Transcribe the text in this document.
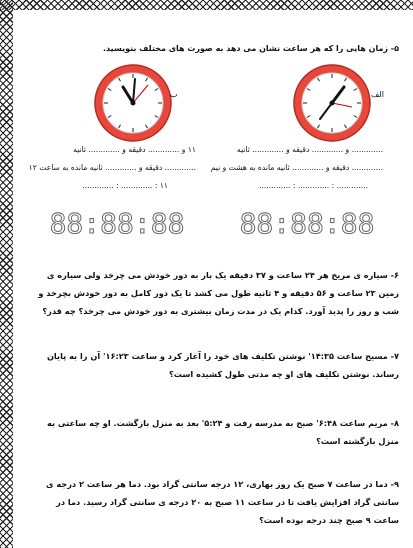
۵- زمان هایی را که هر ساعت نشان می دهد به صورت های مختلف بنویسید.
ب	الف
۱۱ و ............. دقیقه و ............. ثانیه	............. و ............. دقیقه و ............. ثانیه
............. دقیقه و ............. ثانیه مانده به ساعت ۱۲ ............. دقیقه و ............. ثانیه مانده به هشت و نیم
۱۱ : ............. : .............	............. : ............. : .............
88:88:88 88:88:88
۶- سیاره ی مریخ هر ۲۴ ساعت و ۳۷ دقیقه یک بار به دور خودش می چرخد ولی سیاره ی زمین ۲۳ ساعت و ۵۶ دقیقه و ۴ ثانیه طول می کشد تا یک دور کامل به دور خودش بچرخد و شب و روز را پدید آورد. کدام یک در مدت زمان بیشتری به دور خودش می چرخد؟ چه قدر؟
۷- مسیح ساعت ۱۴:۳۵' نوشتن تکلیف های خود را آغاز کرد و ساعت ۱۶:۲۳' آن را به پایان رساند. نوشتن تکلیف های او چه مدتی طول کشیده است؟
۸- مریم ساعت ۶:۴۸' صبح به مدرسه رفت و ۵:۲۴' بعد به منزل بازگشت. او چه ساعتی به منزل بازگشته است؟
۹- دما در ساعت ۷ صبح یک روز بهاری، ۱۲ درجه سانتی گراد بود. دما هر ساعت ۲ درجه ی سانتی گراد افزایش یافت تا در ساعت ۱۱ صبح به ۲۰ درجه ی سانتی گراد رسید. دما در ساعت ۹ صبح چند درجه بوده است؟
